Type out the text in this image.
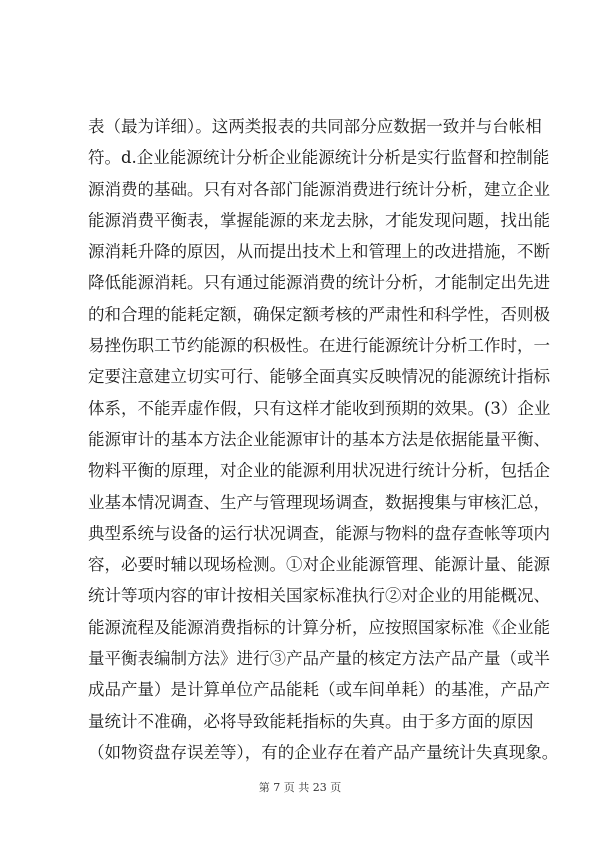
表（最为详细）。这两类报表的共同部分应数据一致并与台帐相
符。d.企业能源统计分析企业能源统计分析是实行监督和控制能
源消费的基础。只有对各部门能源消费进行统计分析，建立企业
能源消费平衡表，掌握能源的来龙去脉，才能发现问题，找出能
源消耗升降的原因，从而提出技术上和管理上的改进措施，不断
降低能源消耗。只有通过能源消费的统计分析，才能制定出先进
的和合理的能耗定额，确保定额考核的严肃性和科学性，否则极
易挫伤职工节约能源的积极性。在进行能源统计分析工作时，一
定要注意建立切实可行、能够全面真实反映情况的能源统计指标
体系，不能弄虚作假，只有这样才能收到预期的效果。(3）企业
能源审计的基本方法企业能源审计的基本方法是依据能量平衡、
物料平衡的原理，对企业的能源利用状况进行统计分析，包括企
业基本情况调查、生产与管理现场调查，数据搜集与审核汇总，
典型系统与设备的运行状况调查，能源与物料的盘存查帐等项内
容，必要时辅以现场检测。①对企业能源管理、能源计量、能源
统计等项内容的审计按相关国家标准执行②对企业的用能概况、
能源流程及能源消费指标的计算分析，应按照国家标准《企业能
量平衡表编制方法》进行③产品产量的核定方法产品产量（或半
成品产量）是计算单位产品能耗（或车间单耗）的基准，产品产
量统计不准确，必将导致能耗指标的失真。由于多方面的原因
（如物资盘存误差等），有的企业存在着产品产量统计失真现象。
第 7 页 共 23 页
